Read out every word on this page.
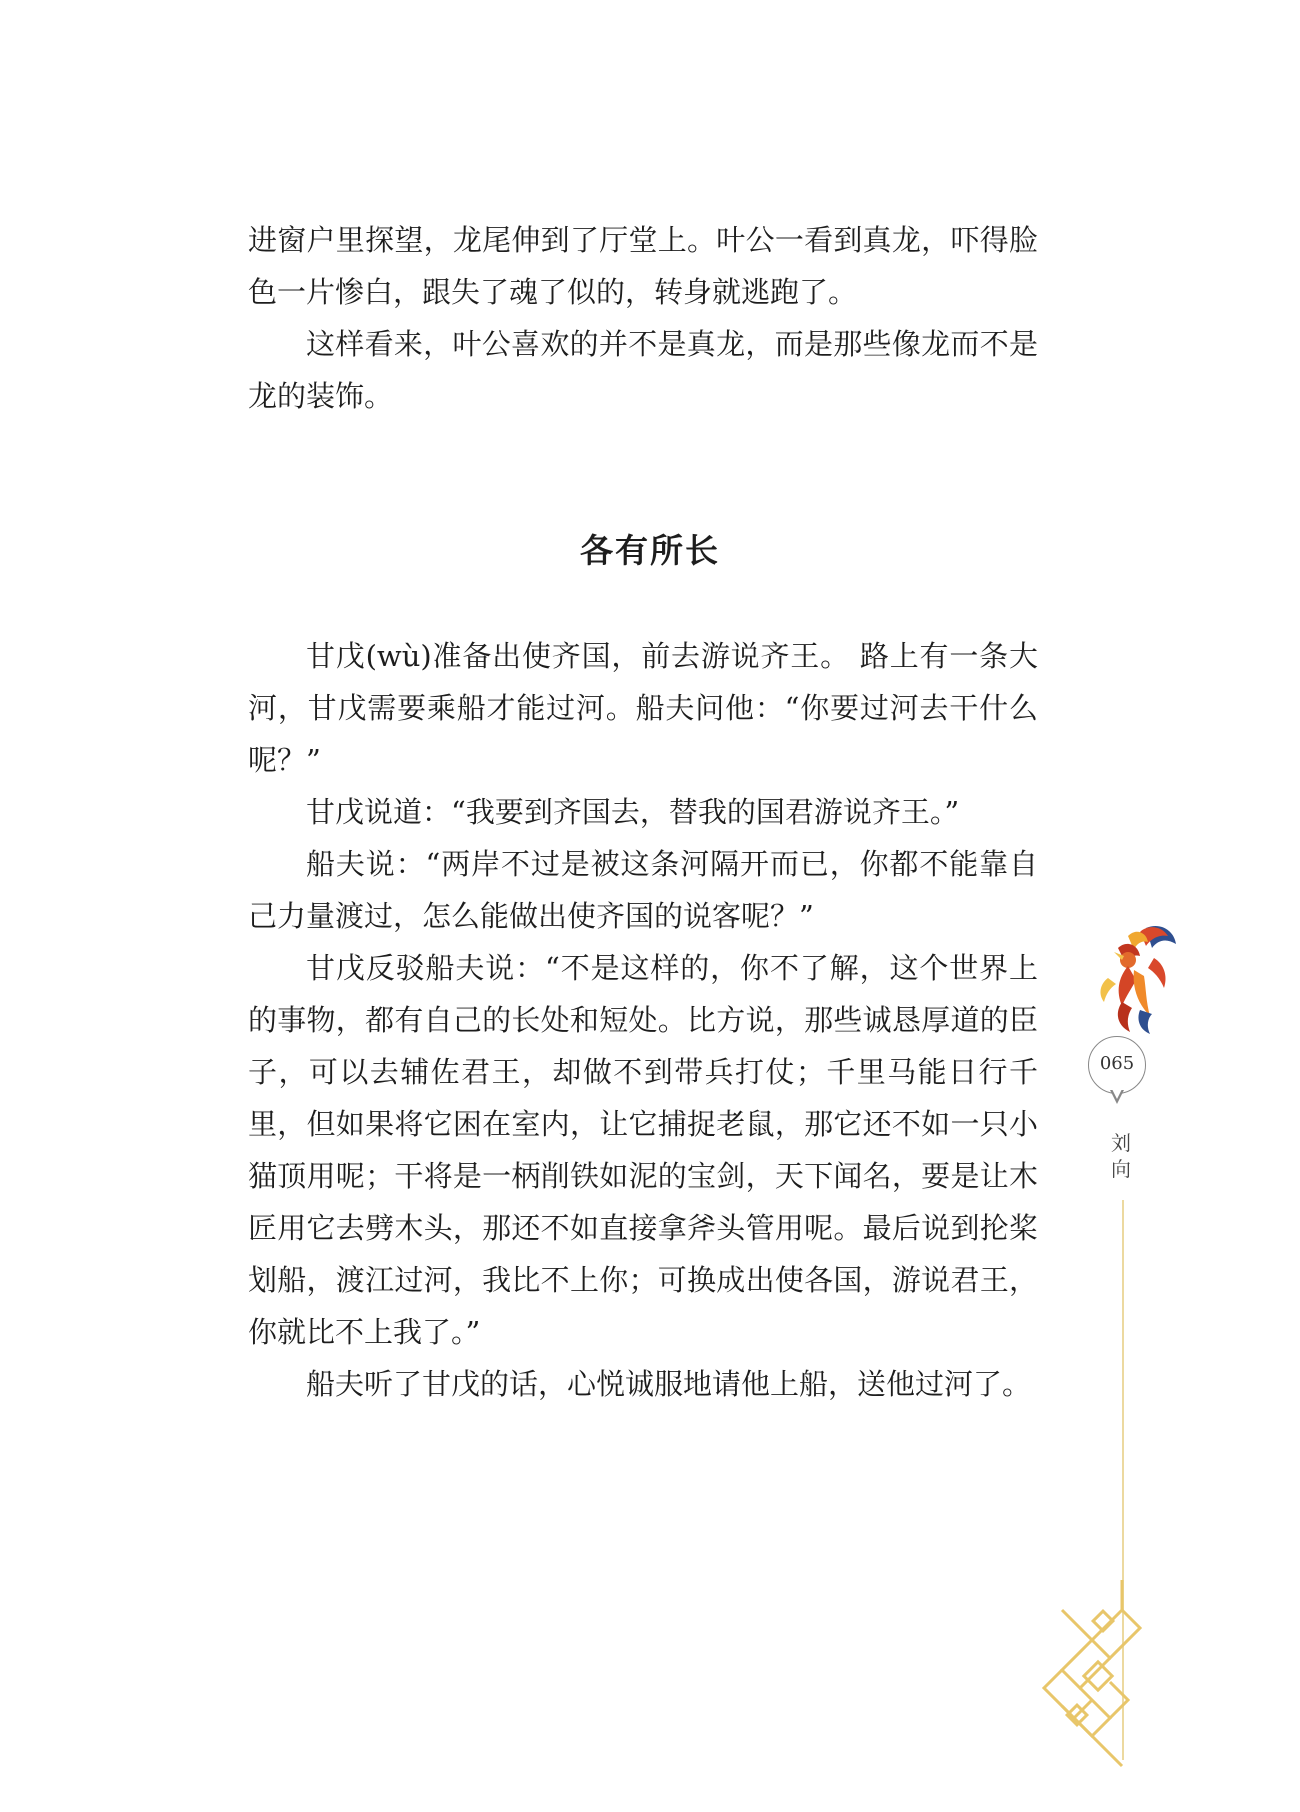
进窗户里探望，龙尾伸到了厅堂上。叶公一看到真龙，吓得脸色一片惨白，跟失了魂了似的，转身就逃跑了。

这样看来，叶公喜欢的并不是真龙，而是那些像龙而不是龙的装饰。

各有所长

甘戊(wù)准备出使齐国，前去游说齐王。 路上有一条大河，甘戊需要乘船才能过河。船夫问他：“你要过河去干什么呢？”

甘戊说道：“我要到齐国去，替我的国君游说齐王。”

船夫说：“两岸不过是被这条河隔开而已，你都不能靠自己力量渡过，怎么能做出使齐国的说客呢？”

甘戊反驳船夫说：“不是这样的，你不了解，这个世界上的事物，都有自己的长处和短处。比方说，那些诚恳厚道的臣子，可以去辅佐君王，却做不到带兵打仗；千里马能日行千里，但如果将它困在室内，让它捕捉老鼠，那它还不如一只小猫顶用呢；干将是一柄削铁如泥的宝剑，天下闻名，要是让木匠用它去劈木头，那还不如直接拿斧头管用呢。最后说到抡桨划船，渡江过河，我比不上你；可换成出使各国，游说君王，你就比不上我了。”

船夫听了甘戊的话，心悦诚服地请他上船，送他过河了。

065
刘向
